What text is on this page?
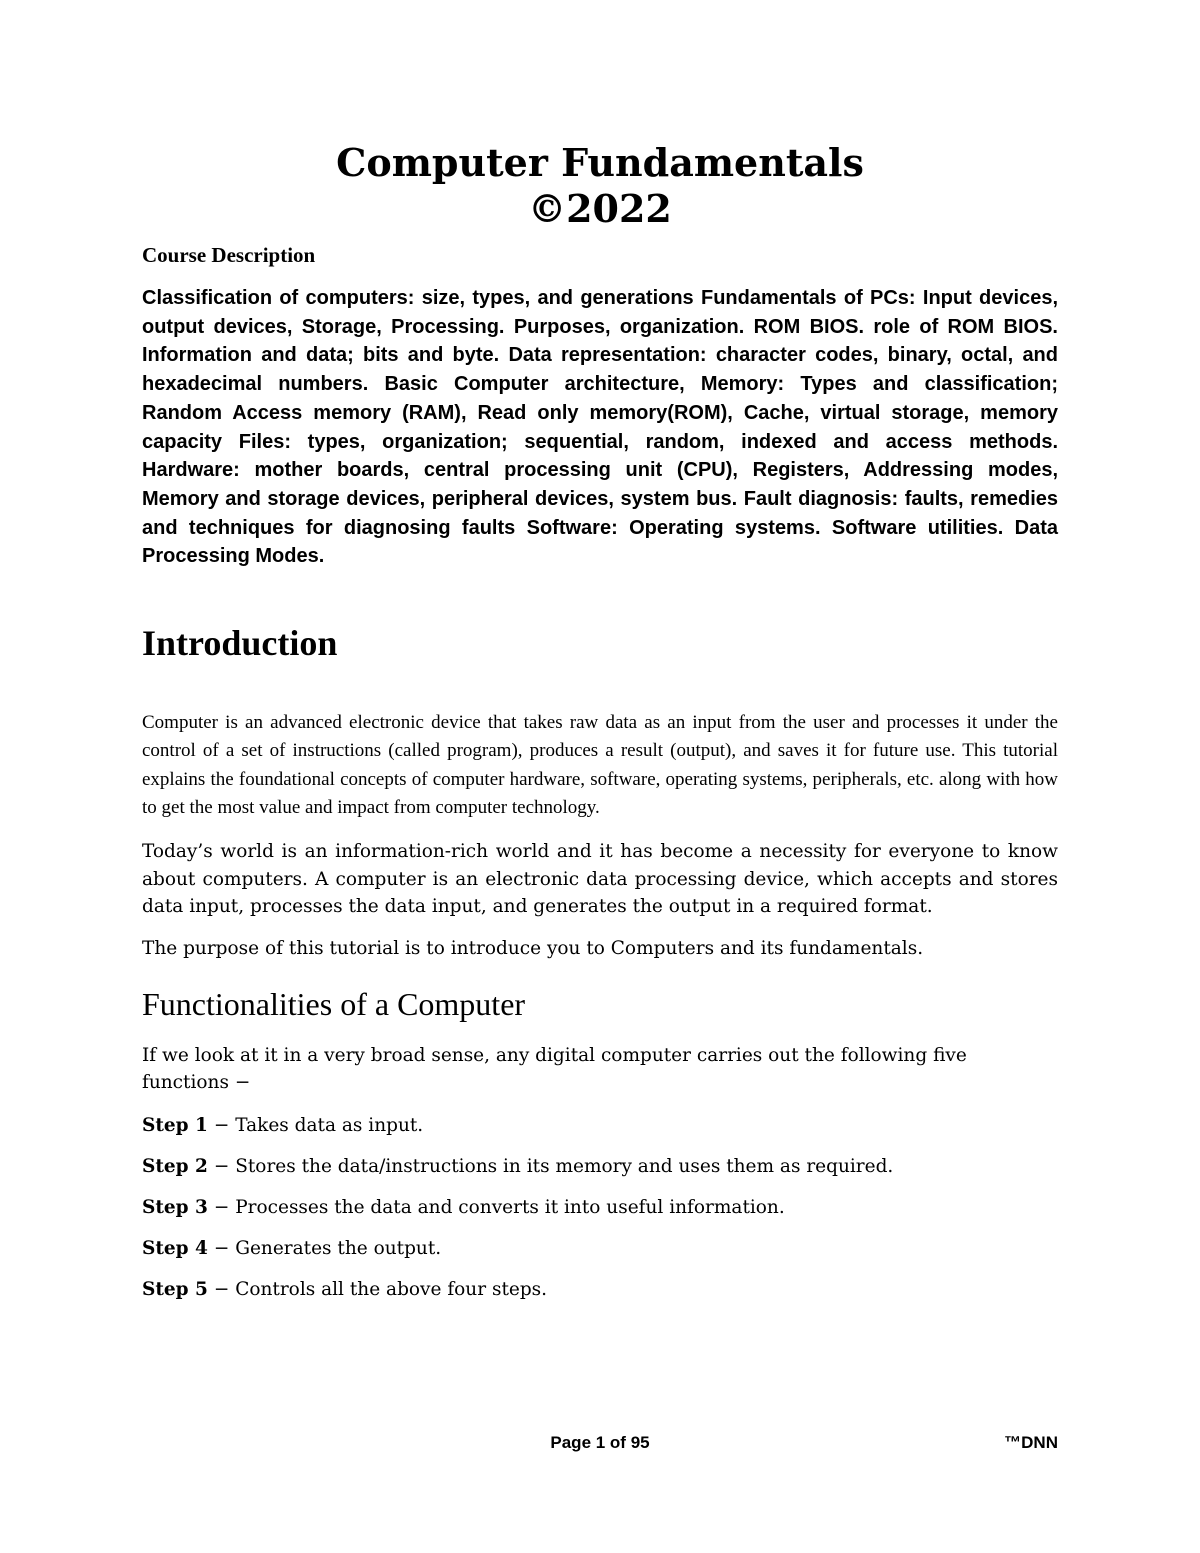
Computer Fundamentals
©2022
Course Description

Classification of computers: size, types, and generations Fundamentals of PCs: Input devices, output devices, Storage, Processing. Purposes, organization. ROM BIOS. role of ROM BIOS. Information and data; bits and byte. Data representation: character codes, binary, octal, and hexadecimal numbers. Basic Computer architecture, Memory: Types and classification; Random Access memory (RAM), Read only memory(ROM), Cache, virtual storage, memory capacity Files: types, organization; sequential, random, indexed and access methods. Hardware: mother boards, central processing unit (CPU), Registers, Addressing modes, Memory and storage devices, peripheral devices, system bus. Fault diagnosis: faults, remedies and techniques for diagnosing faults Software: Operating systems. Software utilities. Data Processing Modes.

Introduction

Computer is an advanced electronic device that takes raw data as an input from the user and processes it under the control of a set of instructions (called program), produces a result (output), and saves it for future use. This tutorial explains the foundational concepts of computer hardware, software, operating systems, peripherals, etc. along with how to get the most value and impact from computer technology.

Today’s world is an information-rich world and it has become a necessity for everyone to know about computers. A computer is an electronic data processing device, which accepts and stores data input, processes the data input, and generates the output in a required format.

The purpose of this tutorial is to introduce you to Computers and its fundamentals.

Functionalities of a Computer

If we look at it in a very broad sense, any digital computer carries out the following five functions −

Step 1 − Takes data as input.

Step 2 − Stores the data/instructions in its memory and uses them as required.

Step 3 − Processes the data and converts it into useful information.

Step 4 − Generates the output.

Step 5 − Controls all the above four steps.

Page 1 of 95	™DNN
